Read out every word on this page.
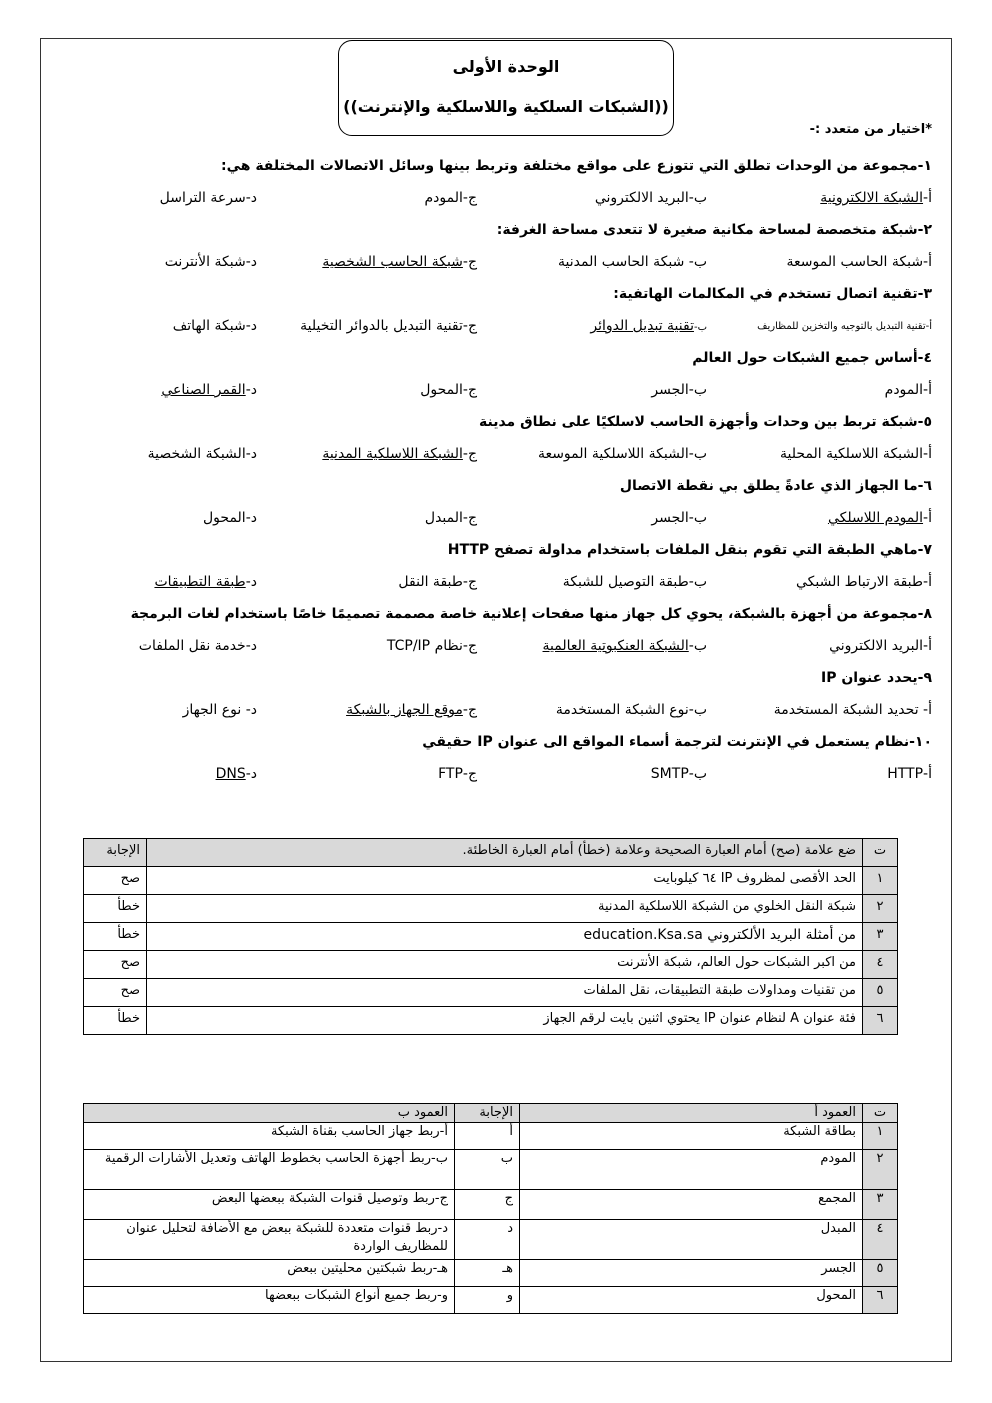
الوحدة الأولى
((الشبكات السلكية واللاسلكية والإنترنت))
*اختيار من متعدد :-
١-مجموعة من الوحدات تطلق التي تتوزع على مواقع مختلفة وتربط بينها وسائل الاتصالات المختلفة هي:
أ-الشبكة الالكترونية
ب-البريد الالكتروني
ج-المودم
د-سرعة التراسل
٢-شبكة متخصصة لمساحة مكانية صغيرة لا تتعدى مساحة الغرفة:
أ-شبكة الحاسب الموسعة
ب- شبكة الحاسب المدنية
ج-شبكة الحاسب الشخصية
د-شبكة الأنترنت
٣-تقنية اتصال تستخدم في المكالمات الهاتفية:
أ-تقنية التبديل بالتوجيه والتخزين للمظاريف
ب-تقنية تبديل الدوائر
ج-تقنية التبديل بالدوائر التخيلية
د-شبكة الهاتف
٤-أساس جميع الشبكات حول العالم
أ-المودم
ب-الجسر
ج-المحول
د-القمر الصناعي
٥-شبكة تربط بين وحدات وأجهزة الحاسب لاسلكيًا على نطاق مدينة
أ-الشبكة اللاسلكية المحلية
ب-الشبكة اللاسلكية الموسعة
ج-الشبكة اللاسلكية المدنية
د-الشبكة الشخصية
٦-ما الجهاز الذي عادةً يطلق بي نقطة الاتصال
أ-المودم اللاسلكي
ب-الجسر
ج-المبدل
د-المحول
٧-ماهي الطبقة التي تقوم بنقل الملفات باستخدام مداولة تصفح HTTP
أ-طبقة الارتباط الشبكي
ب-طبقة التوصيل للشبكة
ج-طبقة النقل
د-طبقة التطبيقات
٨-مجموعة من أجهزة بالشبكة، يحوي كل جهاز منها صفحات إعلانية خاصة مصممة تصميمًا خاصًا باستخدام لغات البرمجة
أ-البريد الالكتروني
ب-الشبكة العنكبوتية العالمية
ج-نظام TCP/IP
د-خدمة نقل الملفات
٩-يحدد عنوان IP
أ- تحديد الشبكة المستخدمة
ب-نوع الشبكة المستخدمة
ج-موقع الجهاز بالشبكة
د- نوع الجهاز
١٠-نظام يستعمل في الإنترنت لترجمة أسماء المواقع الى عنوان IP حقيقي
أ-HTTP
ب-SMTP
ج-FTP
د-DNS
ت	ضع علامة (صح) أمام العبارة الصحيحة وعلامة (خطأ) أمام العبارة الخاطئة.	الإجابة
١	الحد الأقصى لمظروف IP ٦٤ كيلوبايت	صح
٢	شبكة النقل الخلوي من الشبكة اللاسلكية المدنية	خطأ
٣	من أمثلة البريد الألكتروني education.Ksa.sa	خطأ
٤	من اكبر الشبكات حول العالم، شبكة الأنترنت	صح
٥	من تقنيات ومداولات طبقة التطبيقات، نقل الملفات	صح
٦	فئة عنوان A لنظام عنوان IP يحتوي اثنين بايت لرقم الجهاز	خطأ
ت	العمود أ	الإجابة	العمود ب
١	بطاقة الشبكة	أ	أ-ربط جهاز الحاسب بقناة الشبكة
٢	المودم	ب	ب-ربط أجهزة الحاسب بخطوط الهاتف وتعديل الأشارات الرقمية
٣	المجمع	ج	ج-ربط وتوصيل قنوات الشبكة ببعضها البعض
٤	المبدل	د	د-ربط قنوات متعددة للشبكة ببعض مع الأضافة لتحليل عنوان للمظاريف الواردة
٥	الجسر	هـ	هـ-ربط شبكتين محليتين ببعض
٦	المحول	و	و-ربط جميع أنواع الشبكات ببعضها
